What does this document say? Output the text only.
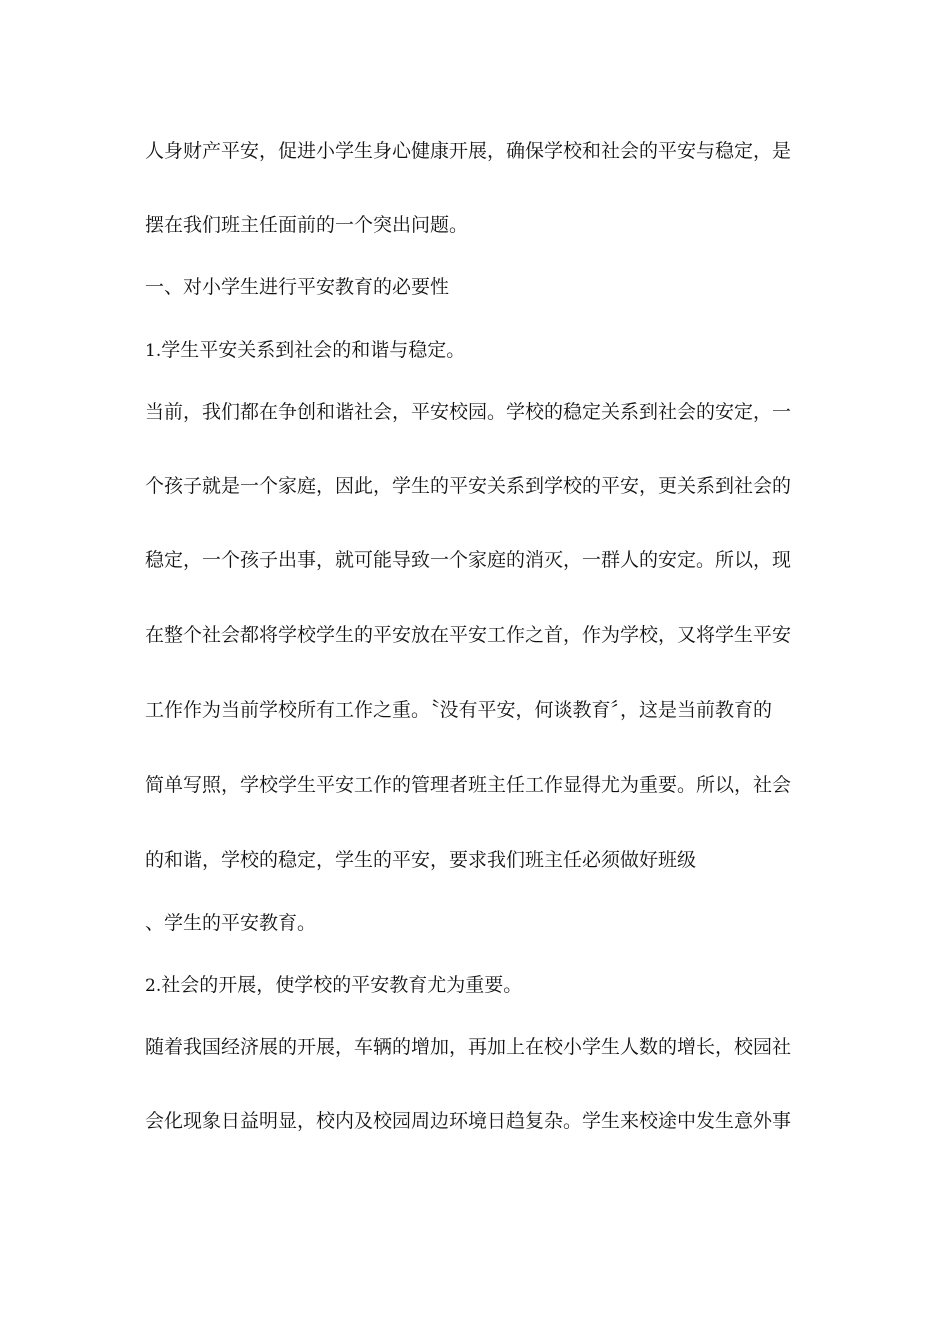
人身财产平安，促进小学生身心健康开展，确保学校和社会的平安与稳定，是
摆在我们班主任面前的一个突出问题。
一、对小学生进行平安教育的必要性
1.学生平安关系到社会的和谐与稳定。
当前，我们都在争创和谐社会，平安校园。学校的稳定关系到社会的安定，一
个孩子就是一个家庭，因此，学生的平安关系到学校的平安，更关系到社会的
稳定，一个孩子出事，就可能导致一个家庭的消灭，一群人的安定。所以，现
在整个社会都将学校学生的平安放在平安工作之首，作为学校，又将学生平安
工作作为当前学校所有工作之重。〝没有平安，何谈教育〞，这是当前教育的
简单写照，学校学生平安工作的管理者班主任工作显得尤为重要。所以，社会
的和谐，学校的稳定，学生的平安，要求我们班主任必须做好班级
、学生的平安教育。
2.社会的开展，使学校的平安教育尤为重要。
随着我国经济展的开展，车辆的增加，再加上在校小学生人数的增长，校园社
会化现象日益明显，校内及校园周边环境日趋复杂。学生来校途中发生意外事
